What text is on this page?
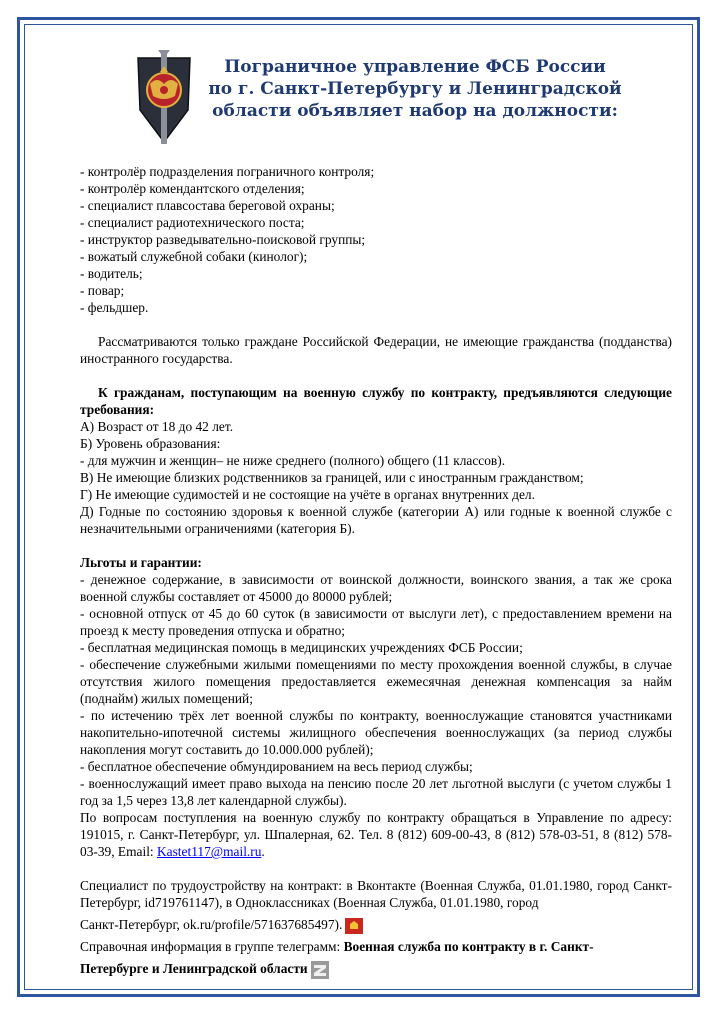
Пограничное управление ФСБ России
по г. Санкт-Петербургу и Ленинградской
области объявляет набор на должности:

- контролёр подразделения пограничного контроля;

- контролёр комендантского отделения;

- специалист плавсостава береговой охраны;

- специалист радиотехнического поста;

- инструктор разведывательно-поисковой группы;

- вожатый служебной собаки (кинолог);

- водитель;

- повар;

- фельдшер.

Рассматриваются только граждане Российской Федерации, не имеющие гражданства (подданства) иностранного государства.

К гражданам, поступающим на военную службу по контракту, предъявляются следующие требования:

А) Возраст от 18 до 42 лет.

Б) Уровень образования:

- для мужчин и женщин– не ниже среднего (полного) общего (11 классов).

В) Не имеющие близких родственников за границей, или с иностранным гражданством;

Г) Не имеющие судимостей и не состоящие на учёте в органах внутренних дел.

Д) Годные по состоянию здоровья к военной службе (категории А) или годные к военной службе с незначительными ограничениями (категория Б).

Льготы и гарантии:

- денежное содержание, в зависимости от воинской должности, воинского звания, а так же срока военной службы составляет от 45000 до 80000 рублей;

- основной отпуск от 45 до 60 суток (в зависимости от выслуги лет), с предоставлением времени на проезд к месту проведения отпуска и обратно;

- бесплатная медицинская помощь в медицинских учреждениях ФСБ России;

- обеспечение служебными жилыми помещениями по месту прохождения военной службы, в случае отсутствия жилого помещения предоставляется ежемесячная денежная компенсация за найм (поднайм) жилых помещений;

- по истечению трёх лет военной службы по контракту, военнослужащие становятся участниками накопительно-ипотечной системы жилищного обеспечения военнослужащих (за период службы накопления могут составить до 10.000.000 рублей);

- бесплатное обеспечение обмундированием на весь период службы;

- военнослужащий имеет право выхода на пенсию после 20 лет льготной выслуги (с учетом службы 1 год за 1,5 через 13,8 лет календарной службы).

По вопросам поступления на военную службу по контракту обращаться в Управление по адресу: 191015, г. Санкт-Петербург, ул. Шпалерная, 62. Тел. 8 (812) 609-00-43, 8 (812) 578-03-51, 8 (812) 578-03-39, Email: Kastet117@mail.ru.

Специалист по трудоустройству на контракт: в Вконтакте (Военная Служба, 01.01.1980, город Санкт-Петербург, id719761147), в Одноклассниках (Военная Служба, 01.01.1980, город

Санкт-Петербург, ok.ru/profile/571637685497).

Справочная информация в группе телеграмм: Военная служба по контракту в г. Санкт-

Петербурге и Ленинградской области
